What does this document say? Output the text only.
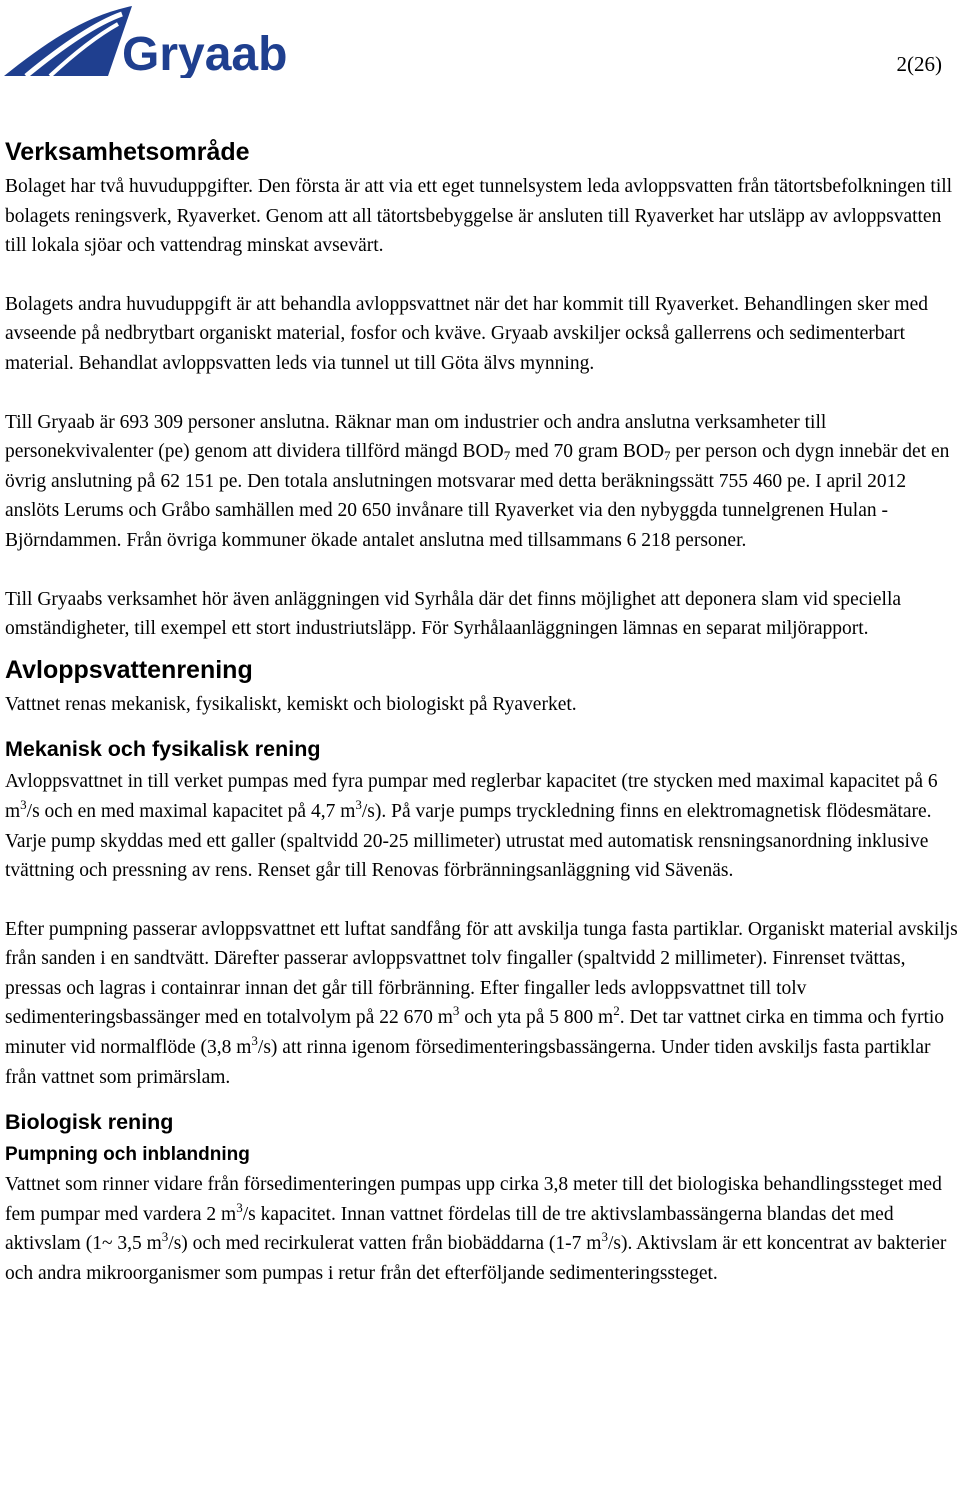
Gryaab	2(26)
Verksamhetsområde

Bolaget har två huvuduppgifter. Den första är att via ett eget tunnelsystem leda avloppsvatten från tätortsbefolkningen till bolagets reningsverk, Ryaverket. Genom att all tätortsbebyggelse är ansluten till Ryaverket har utsläpp av avloppsvatten till lokala sjöar och vattendrag minskat avsevärt.

Bolagets andra huvuduppgift är att behandla avloppsvattnet när det har kommit till Ryaverket. Behandlingen sker med avseende på nedbrytbart organiskt material, fosfor och kväve. Gryaab avskiljer också gallerrens och sedimenterbart material. Behandlat avloppsvatten leds via tunnel ut till Göta älvs mynning.

Till Gryaab är 693 309 personer anslutna. Räknar man om industrier och andra anslutna verksamheter till personekvivalenter (pe) genom att dividera tillförd mängd $BOD_7$ med 70 gram $BOD_7$ per person och dygn innebär det en övrig anslutning på 62 151 pe. Den totala anslutningen motsvarar med detta beräkningssätt 755 460 pe. I april 2012 anslöts Lerums och Gråbo samhällen med 20 650 invånare till Ryaverket via den nybyggda tunnelgrenen Hulan - Björndammen. Från övriga kommuner ökade antalet anslutna med tillsammans 6 218 personer.

Till Gryaabs verksamhet hör även anläggningen vid Syrhåla där det finns möjlighet att deponera slam vid speciella omständigheter, till exempel ett stort industriutsläpp. För Syrhålaanläggningen lämnas en separat miljörapport.

Avloppsvattenrening

Vattnet renas mekanisk, fysikaliskt, kemiskt och biologiskt på Ryaverket.

Mekanisk och fysikalisk rening

Avloppsvattnet in till verket pumpas med fyra pumpar med reglerbar kapacitet (tre stycken med maximal kapacitet på 6 $m^3/s$ och en med maximal kapacitet på 4,7 $m^3/s$). På varje pumps tryckledning finns en elektromagnetisk flödesmätare. Varje pump skyddas med ett galler (spaltvidd 20-25 millimeter) utrustat med automatisk rensningsanordning inklusive tvättning och pressning av rens. Renset går till Renovas förbränningsanläggning vid Sävenäs.

Efter pumpning passerar avloppsvattnet ett luftat sandfång för att avskilja tunga fasta partiklar. Organiskt material avskiljs från sanden i en sandtvätt. Därefter passerar avloppsvattnet tolv fingaller (spaltvidd 2 millimeter). Finrenset tvättas, pressas och lagras i containrar innan det går till förbränning. Efter fingaller leds avloppsvattnet till tolv sedimenteringsbassänger med en totalvolym på 22 670 $m^3$ och yta på 5 800 $m^2$. Det tar vattnet cirka en timma och fyrtio minuter vid normalflöde (3,8 $m^3/s$) att rinna igenom försedimenteringsbassängerna. Under tiden avskiljs fasta partiklar från vattnet som primärslam.

Biologisk rening
Pumpning och inblandning

Vattnet som rinner vidare från försedimenteringen pumpas upp cirka 3,8 meter till det biologiska behandlingssteget med fem pumpar med vardera 2 $m^3/s$ kapacitet. Innan vattnet fördelas till de tre aktivslambassängerna blandas det med aktivslam (1~ 3,5 $m^3/s$) och med recirkulerat vatten från biobäddarna (1-7 $m^3/s$). Aktivslam är ett koncentrat av bakterier och andra mikroorganismer som pumpas i retur från det efterföljande sedimenteringssteget.
